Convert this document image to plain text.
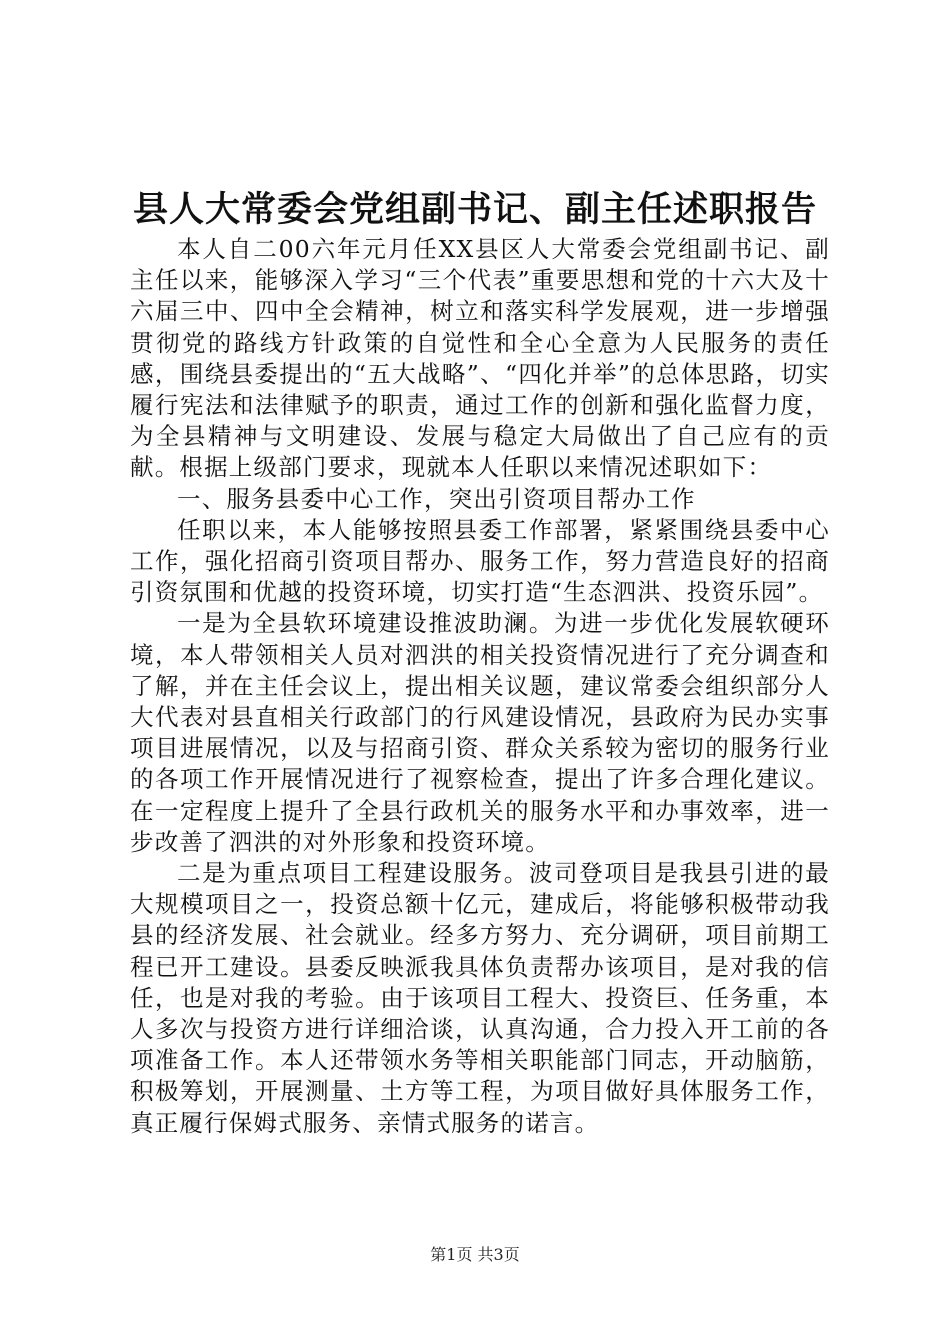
县人大常委会党组副书记、副主任述职报告

本人自二00六年元月任XX县区人大常委会党组副书记、副主任以来，能够深入学习“三个代表”重要思想和党的十六大及十六届三中、四中全会精神，树立和落实科学发展观，进一步增强贯彻党的路线方针政策的自觉性和全心全意为人民服务的责任感，围绕县委提出的“五大战略”、“四化并举”的总体思路，切实履行宪法和法律赋予的职责，通过工作的创新和强化监督力度，为全县精神与文明建设、发展与稳定大局做出了自己应有的贡献。根据上级部门要求，现就本人任职以来情况述职如下：

一、服务县委中心工作，突出引资项目帮办工作

任职以来，本人能够按照县委工作部署，紧紧围绕县委中心工作，强化招商引资项目帮办、服务工作，努力营造良好的招商引资氛围和优越的投资环境，切实打造“生态泗洪、投资乐园”。

一是为全县软环境建设推波助澜。为进一步优化发展软硬环境，本人带领相关人员对泗洪的相关投资情况进行了充分调查和了解，并在主任会议上，提出相关议题，建议常委会组织部分人大代表对县直相关行政部门的行风建设情况，县政府为民办实事项目进展情况，以及与招商引资、群众关系较为密切的服务行业的各项工作开展情况进行了视察检查，提出了许多合理化建议。在一定程度上提升了全县行政机关的服务水平和办事效率，进一步改善了泗洪的对外形象和投资环境。

二是为重点项目工程建设服务。波司登项目是我县引进的最大规模项目之一，投资总额十亿元，建成后，将能够积极带动我县的经济发展、社会就业。经多方努力、充分调研，项目前期工程已开工建设。县委反映派我具体负责帮办该项目，是对我的信任，也是对我的考验。由于该项目工程大、投资巨、任务重，本人多次与投资方进行详细洽谈，认真沟通，合力投入开工前的各项准备工作。本人还带领水务等相关职能部门同志，开动脑筋，积极筹划，开展测量、土方等工程，为项目做好具体服务工作，真正履行保姆式服务、亲情式服务的诺言。

第1页 共3页
